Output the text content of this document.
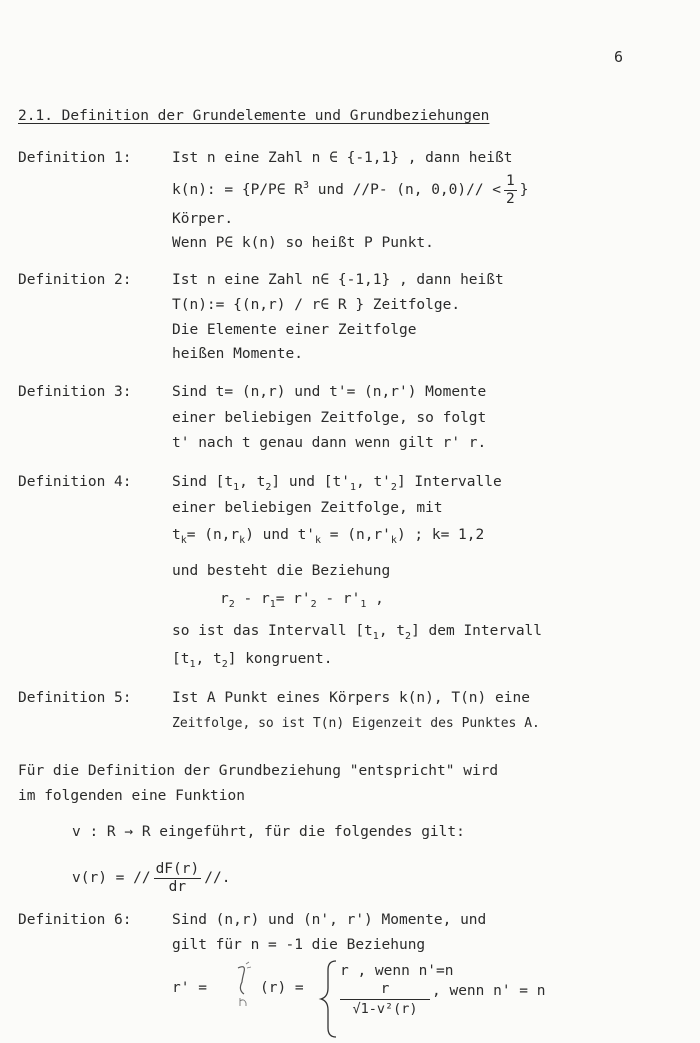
6
2.1. Definition der Grundelemente und Grundbeziehungen
Definition 1:	Ist n eine Zahl n ∈ {-1,1} , dann heißt
k(n): = {P/P∈ $R^3$ und //P- (n, $0,0)// < \frac{1}{2}$ }
Körper.
Wenn P∈ k(n) so heißt P Punkt.
Definition 2:	Ist n eine Zahl n∈ {-1,1} , dann heißt
T(n):= {(n,r) / r∈ R } Zeitfolge.
Die Elemente einer Zeitfolge
heißen Momente.
Definition 3:	Sind t= (n,r) und t'= (n,r') Momente
einer beliebigen Zeitfolge, so folgt
t' nach t genau dann wenn gilt r' r.
Definition 4:	Sind [$t_1$, $t_2$] und [$t'_1$, $t'_2$] Intervalle
einer beliebigen Zeitfolge, mit
$t_k= (n,r_k)$ und $t'_k = (n,r'_k)$ ; k= 1,2
und besteht die Beziehung
$r_2 - r_1= r'_2 - r'_1$ ,
so ist das Intervall [$t_1$, $t_2$] dem Intervall
[$t_1$, $t_2$] kongruent.
Definition 5:	Ist A Punkt eines Körpers k(n), T(n) eine
Zeitfolge, so ist T(n) Eigenzeit des Punktes A.
Für die Definition der Grundbeziehung "entspricht" wird
im folgenden eine Funktion
v : R → R eingeführt, für die folgendes gilt:
v(r) = // $\frac{dF(r)}{dr}$ //.
Definition 6:	Sind (n,r) und (n', r') Momente, und
gilt für n = -1 die Beziehung
r' =	(r) =
r , wenn n'=n
$\frac{r}{\text{√1-v²(r)}}$ , wenn n' = n
